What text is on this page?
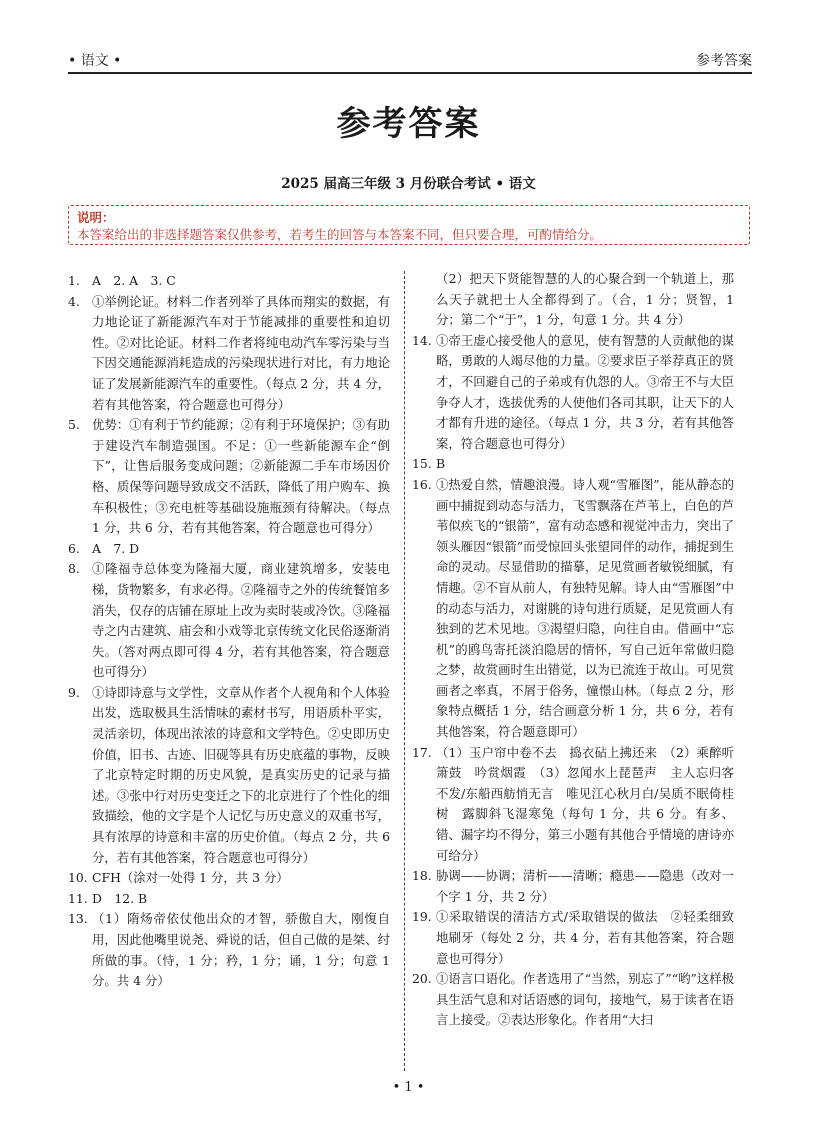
• 语文 •	参考答案
参考答案
2025 届高三年级 3 月份联合考试 • 语文
说明：
本答案给出的非选择题答案仅供参考，若考生的回答与本答案不同，但只要合理，可酌情给分。
1. A　2. A　3. C
4. ①举例论证。材料二作者列举了具体而翔实的数据，有力地论证了新能源汽车对于节能减排的重要性和迫切性。②对比论证。材料二作者将纯电动汽车零污染与当下因交通能源消耗造成的污染现状进行对比，有力地论证了发展新能源汽车的重要性。（每点 2 分，共 4 分，若有其他答案，符合题意也可得分）
5. 优势：①有利于节约能源；②有利于环境保护；③有助于建设汽车制造强国。不足：①一些新能源车企“倒下”，让售后服务变成问题；②新能源二手车市场因价格、质保等问题导致成交不活跃，降低了用户购车、换车积极性；③充电桩等基础设施瓶颈有待解决。（每点 1 分，共 6 分，若有其他答案，符合题意也可得分）
6. A　7. D
8. ①隆福寺总体变为隆福大厦，商业建筑增多，安装电梯，货物繁多，有求必得。②隆福寺之外的传统餐馆多消失，仅存的店铺在原址上改为卖时装或冷饮。③隆福寺之内古建筑、庙会和小戏等北京传统文化民俗逐渐消失。（答对两点即可得 4 分，若有其他答案，符合题意也可得分）
9. ①诗即诗意与文学性，文章从作者个人视角和个人体验出发，选取极具生活情味的素材书写，用语质朴平实，灵活亲切，体现出浓浓的诗意和文学特色。②史即历史价值，旧书、古迹、旧砚等具有历史底蕴的事物，反映了北京特定时期的历史风貌，是真实历史的记录与描述。③张中行对历史变迁之下的北京进行了个性化的细致描绘，他的文字是个人记忆与历史意义的双重书写，具有浓厚的诗意和丰富的历史价值。（每点 2 分，共 6 分，若有其他答案，符合题意也可得分）
10. CFH（涂对一处得 1 分，共 3 分）
11. D　12. B
13. （1）隋炀帝依仗他出众的才智，骄傲自大，刚愎自用，因此他嘴里说尧、舜说的话，但自己做的是桀、纣所做的事。（恃，1 分；矜，1 分；诵，1 分；句意 1 分。共 4 分）
（2）把天下贤能智慧的人的心聚合到一个轨道上，那么天子就把士人全都得到了。（合，1 分；贤智，1 分；第二个“于”，1 分，句意 1 分。共 4 分）
14. ①帝王虚心接受他人的意见，使有智慧的人贡献他的谋略，勇敢的人竭尽他的力量。②要求臣子举荐真正的贤才，不回避自己的子弟或有仇怨的人。③帝王不与大臣争夺人才，选拔优秀的人使他们各司其职，让天下的人才都有升进的途径。（每点 1 分，共 3 分，若有其他答案，符合题意也可得分）
15. B
16. ①热爱自然，情趣浪漫。诗人观“雪雁图”，能从静态的画中捕捉到动态与活力，飞雪飘落在芦苇上，白色的芦苇似疾飞的“银箭”，富有动态感和视觉冲击力，突出了领头雁因“银箭”而受惊回头张望同伴的动作，捕捉到生命的灵动。尽显借助的描摹，足见赏画者敏锐细腻，有情趣。②不盲从前人，有独特见解。诗人由“雪雁图”中的动态与活力，对谢朓的诗句进行质疑，足见赏画人有独到的艺术见地。③渴望归隐，向往自由。借画中“忘机”的鸥鸟寄托淡泊隐居的情怀，写自己近年常做归隐之梦，故赏画时生出错觉，以为已流连于故山。可见赏画者之率真，不屑于俗务，憧憬山林。（每点 2 分，形象特点概括 1 分，结合画意分析 1 分，共 6 分，若有其他答案，符合题意即可）
17. （1）玉户帘中卷不去　捣衣砧上拂还来　（2）乘醉听箫鼓　吟赏烟霞　（3）忽闻水上琵琶声　主人忘归客不发/东船西舫悄无言　唯见江心秋月白/吴质不眠倚桂树　露脚斜飞湿寒兔（每句 1 分，共 6 分。有多、错、漏字均不得分，第三小题有其他合乎情境的唐诗亦可给分）
18. 胁调——协调；清析——清晰；瘾患——隐患（改对一个字 1 分，共 2 分）
19. ①采取错误的清洁方式/采取错误的做法　②轻柔细致地刷牙（每处 2 分，共 4 分，若有其他答案，符合题意也可得分）
20. ①语言口语化。作者选用了“当然，别忘了”“哟”这样极具生活气息和对话语感的词句，接地气，易于读者在语言上接受。②表达形象化。作者用“大扫
• 1 •
